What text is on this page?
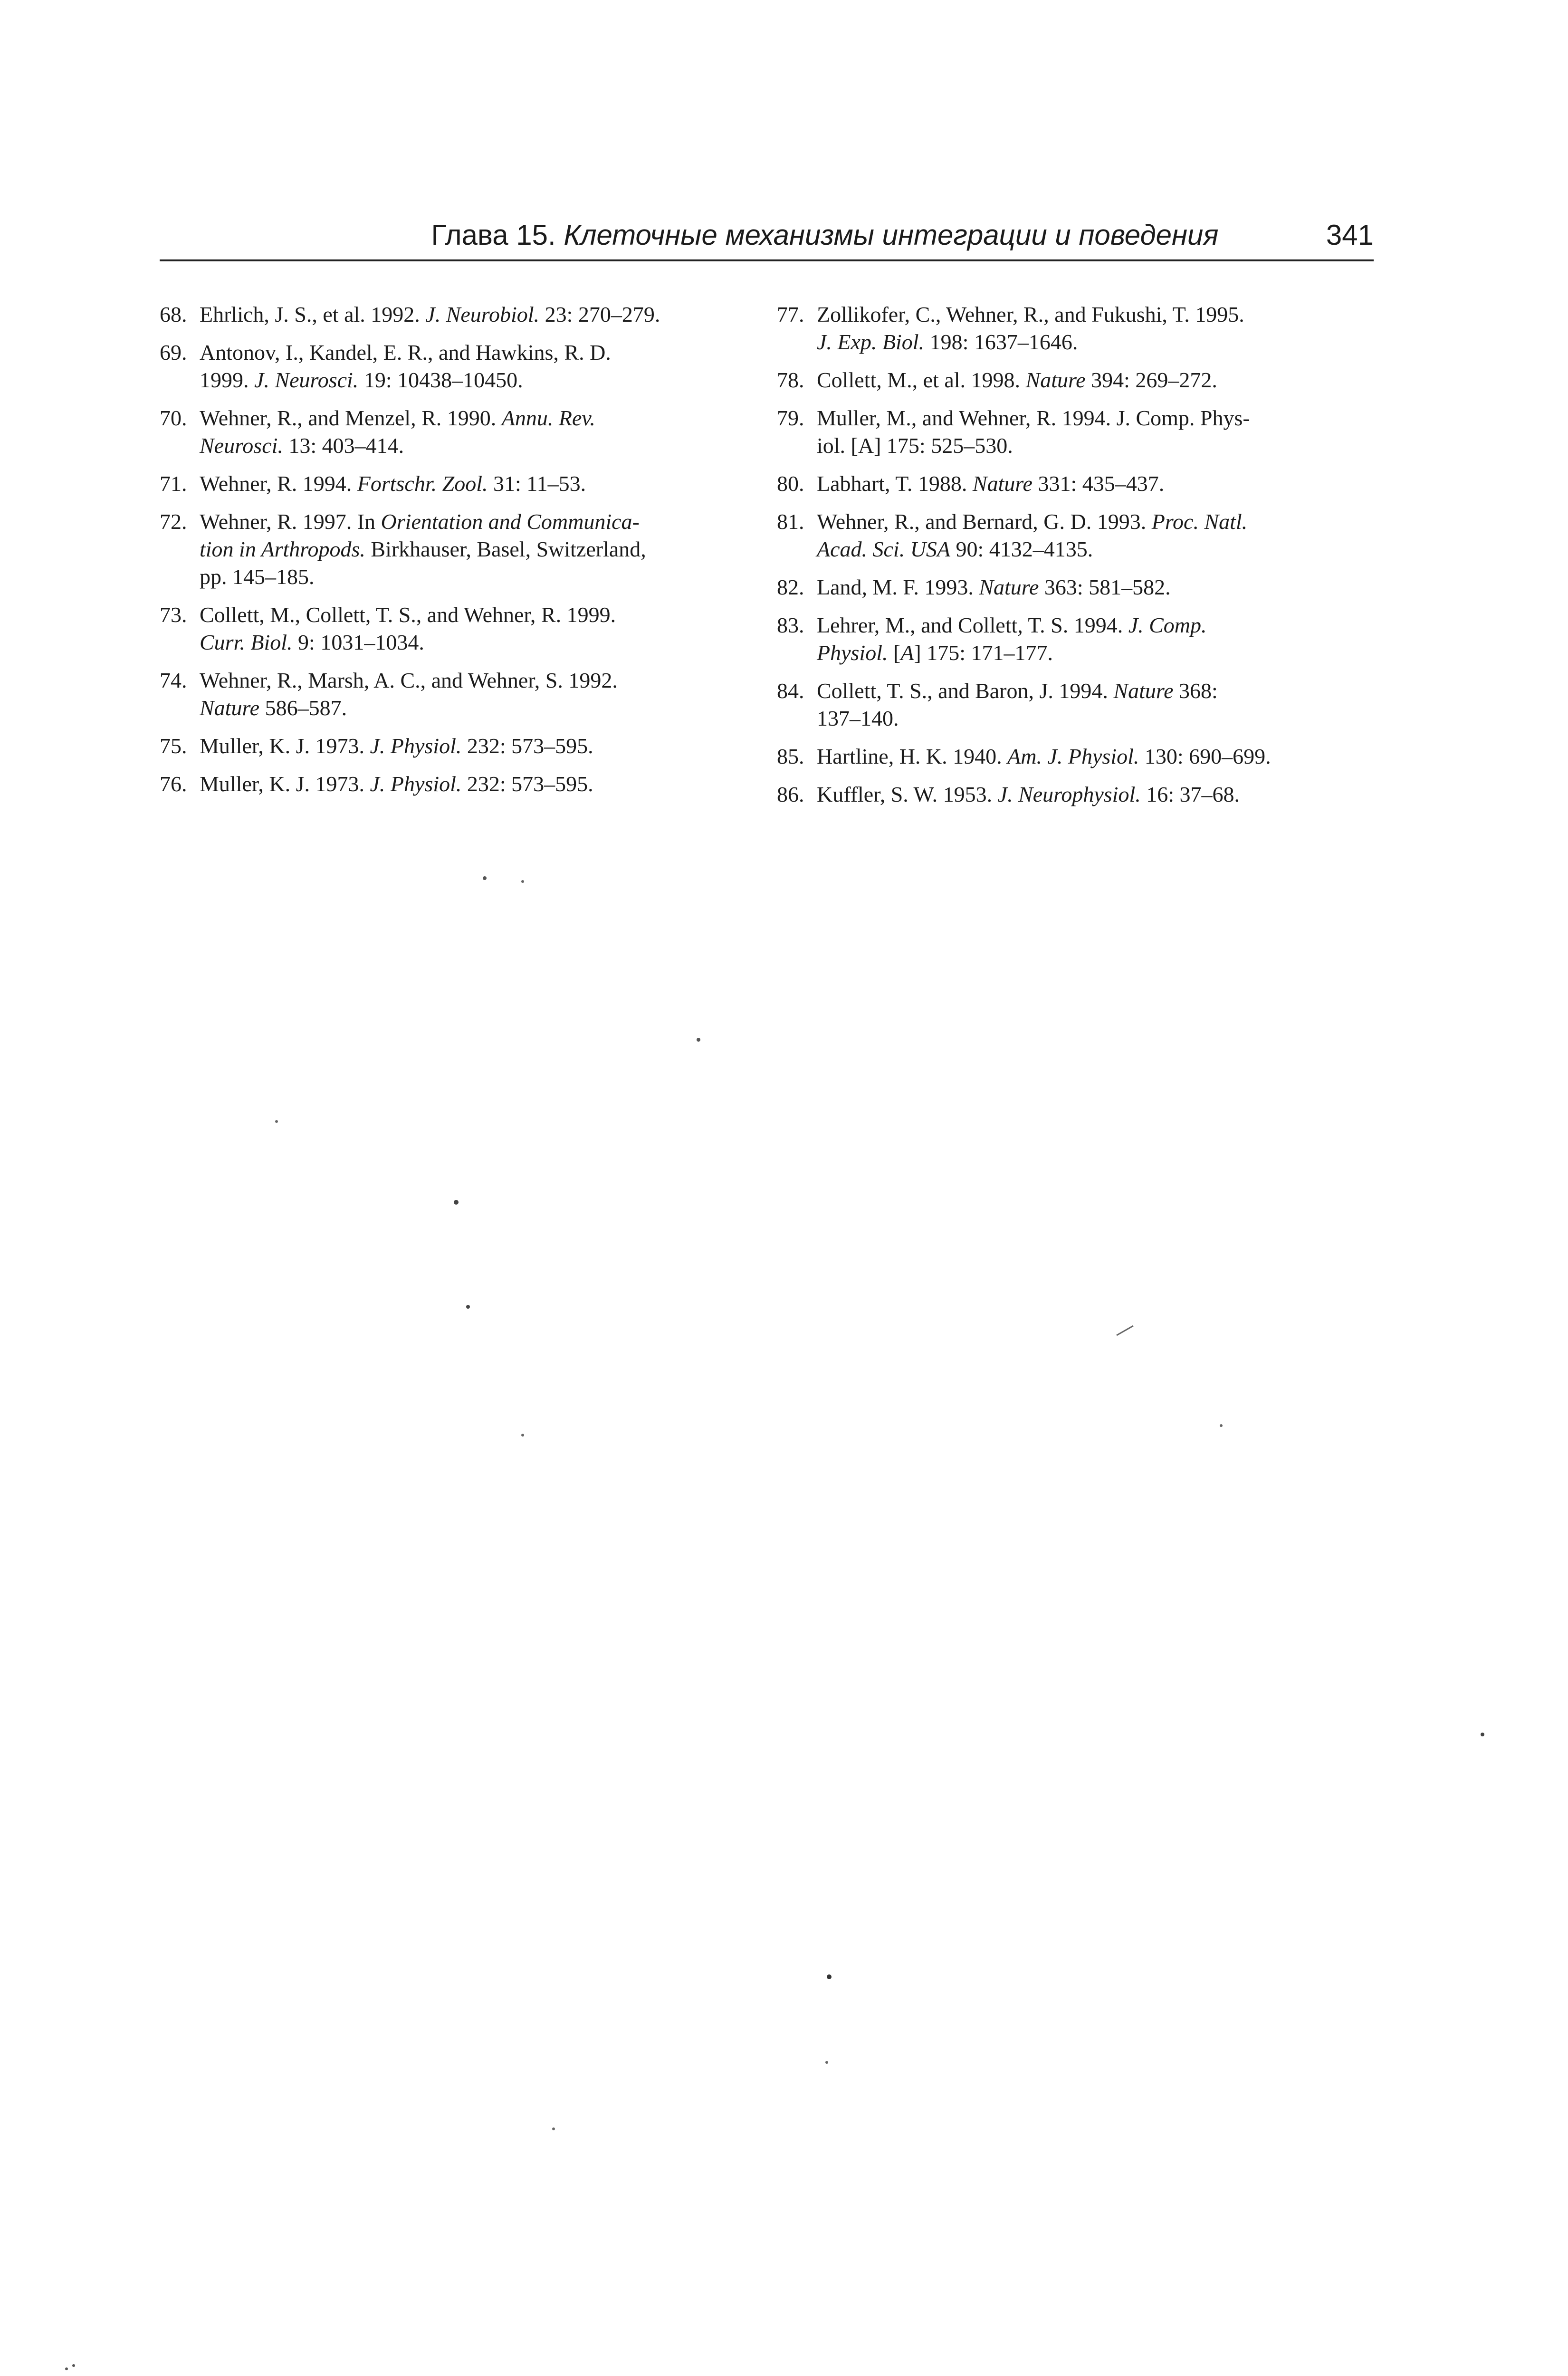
Глава 15. Клеточные механизмы интеграции и поведения	341
68. Ehrlich, J. S., et al. 1992. J. Neurobiol. 23: 270–279.
69. Antonov, I., Kandel, E. R., and Hawkins, R. D.
1999. J. Neurosci. 19: 10438–10450.
70. Wehner, R., and Menzel, R. 1990. Annu. Rev.
Neurosci. 13: 403–414.
71. Wehner, R. 1994. Fortschr. Zool. 31: 11–53.
72. Wehner, R. 1997. In Orientation and Communica-
tion in Arthropods. Birkhauser, Basel, Switzerland,
pp. 145–185.
73. Collett, M., Collett, T. S., and Wehner, R. 1999.
Curr. Biol. 9: 1031–1034.
74. Wehner, R., Marsh, A. C., and Wehner, S. 1992.
Nature 586–587.
75. Muller, K. J. 1973. J. Physiol. 232: 573–595.
76. Muller, K. J. 1973. J. Physiol. 232: 573–595.
77. Zollikofer, C., Wehner, R., and Fukushi, T. 1995.
J. Exp. Biol. 198: 1637–1646.
78. Collett, M., et al. 1998. Nature 394: 269–272.
79. Muller, M., and Wehner, R. 1994. J. Comp. Phys-
iol. [A] 175: 525–530.
80. Labhart, T. 1988. Nature 331: 435–437.
81. Wehner, R., and Bernard, G. D. 1993. Proc. Natl.
Acad. Sci. USA 90: 4132–4135.
82. Land, M. F. 1993. Nature 363: 581–582.
83. Lehrer, M., and Collett, T. S. 1994. J. Comp.
Physiol. [A] 175: 171–177.
84. Collett, T. S., and Baron, J. 1994. Nature 368:
137–140.
85. Hartline, H. K. 1940. Am. J. Physiol. 130: 690–699.
86. Kuffler, S. W. 1953. J. Neurophysiol. 16: 37–68.
